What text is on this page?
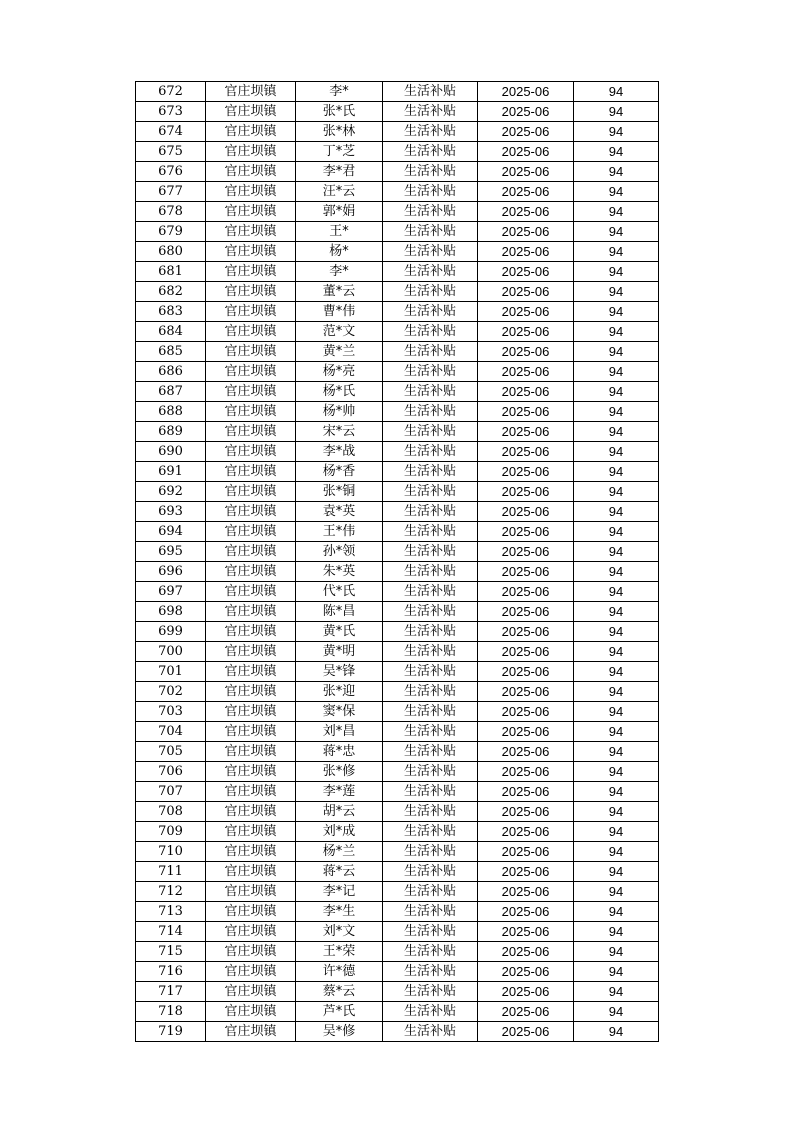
672	官庄坝镇	李*	生活补贴	2025-06	94
673	官庄坝镇	张*氏	生活补贴	2025-06	94
674	官庄坝镇	张*林	生活补贴	2025-06	94
675	官庄坝镇	丁*芝	生活补贴	2025-06	94
676	官庄坝镇	李*君	生活补贴	2025-06	94
677	官庄坝镇	汪*云	生活补贴	2025-06	94
678	官庄坝镇	郭*娟	生活补贴	2025-06	94
679	官庄坝镇	王*	生活补贴	2025-06	94
680	官庄坝镇	杨*	生活补贴	2025-06	94
681	官庄坝镇	李*	生活补贴	2025-06	94
682	官庄坝镇	董*云	生活补贴	2025-06	94
683	官庄坝镇	曹*伟	生活补贴	2025-06	94
684	官庄坝镇	范*文	生活补贴	2025-06	94
685	官庄坝镇	黄*兰	生活补贴	2025-06	94
686	官庄坝镇	杨*亮	生活补贴	2025-06	94
687	官庄坝镇	杨*氏	生活补贴	2025-06	94
688	官庄坝镇	杨*帅	生活补贴	2025-06	94
689	官庄坝镇	宋*云	生活补贴	2025-06	94
690	官庄坝镇	李*战	生活补贴	2025-06	94
691	官庄坝镇	杨*香	生活补贴	2025-06	94
692	官庄坝镇	张*铜	生活补贴	2025-06	94
693	官庄坝镇	袁*英	生活补贴	2025-06	94
694	官庄坝镇	王*伟	生活补贴	2025-06	94
695	官庄坝镇	孙*领	生活补贴	2025-06	94
696	官庄坝镇	朱*英	生活补贴	2025-06	94
697	官庄坝镇	代*氏	生活补贴	2025-06	94
698	官庄坝镇	陈*昌	生活补贴	2025-06	94
699	官庄坝镇	黄*氏	生活补贴	2025-06	94
700	官庄坝镇	黄*明	生活补贴	2025-06	94
701	官庄坝镇	吴*锋	生活补贴	2025-06	94
702	官庄坝镇	张*迎	生活补贴	2025-06	94
703	官庄坝镇	窦*保	生活补贴	2025-06	94
704	官庄坝镇	刘*昌	生活补贴	2025-06	94
705	官庄坝镇	蒋*忠	生活补贴	2025-06	94
706	官庄坝镇	张*修	生活补贴	2025-06	94
707	官庄坝镇	李*莲	生活补贴	2025-06	94
708	官庄坝镇	胡*云	生活补贴	2025-06	94
709	官庄坝镇	刘*成	生活补贴	2025-06	94
710	官庄坝镇	杨*兰	生活补贴	2025-06	94
711	官庄坝镇	蒋*云	生活补贴	2025-06	94
712	官庄坝镇	李*记	生活补贴	2025-06	94
713	官庄坝镇	李*生	生活补贴	2025-06	94
714	官庄坝镇	刘*文	生活补贴	2025-06	94
715	官庄坝镇	王*荣	生活补贴	2025-06	94
716	官庄坝镇	许*德	生活补贴	2025-06	94
717	官庄坝镇	蔡*云	生活补贴	2025-06	94
718	官庄坝镇	芦*氏	生活补贴	2025-06	94
719	官庄坝镇	吴*修	生活补贴	2025-06	94
